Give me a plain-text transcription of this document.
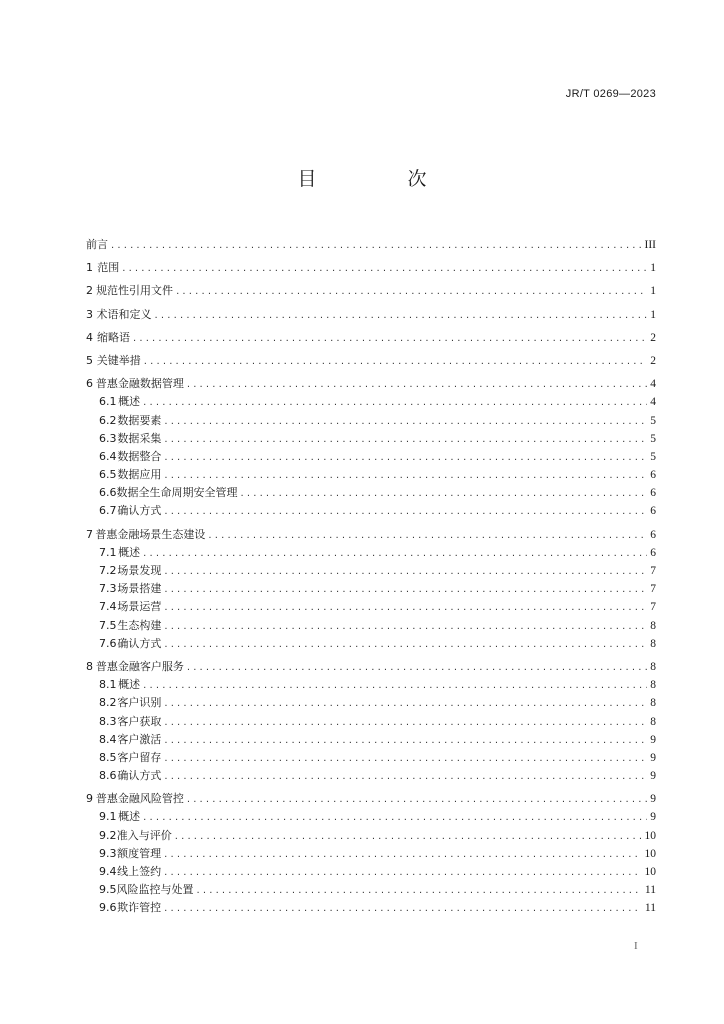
JR/T 0269—2023
目　次
前言 . . .	III
1 范围 . . .	1
2 规范性引用文件 . . .	1
3 术语和定义 . . .	1
4 缩略语 . . .	2
5 关键举措 . . .	2
6 普惠金融数据管理 . . .	4
6.1 概述 . . .	4
6.2 数据要素 . . .	5
6.3 数据采集 . . .	5
6.4 数据整合 . . .	5
6.5 数据应用 . . .	6
6.6 数据全生命周期安全管理 . . .	6
6.7 确认方式 . . .	6
7 普惠金融场景生态建设 . . .	6
7.1 概述 . . .	6
7.2 场景发现 . . .	7
7.3 场景搭建 . . .	7
7.4 场景运营 . . .	7
7.5 生态构建 . . .	8
7.6 确认方式 . . .	8
8 普惠金融客户服务 . . .	8
8.1 概述 . . .	8
8.2 客户识别 . . .	8
8.3 客户获取 . . .	8
8.4 客户激活 . . .	9
8.5 客户留存 . . .	9
8.6 确认方式 . . .	9
9 普惠金融风险管控 . . .	9
9.1 概述 . . .	9
9.2 准入与评价 . . .	10
9.3 额度管理 . . .	10
9.4 线上签约 . . .	10
9.5 风险监控与处置 . . .	11
9.6 欺诈管控 . . .	11
I
